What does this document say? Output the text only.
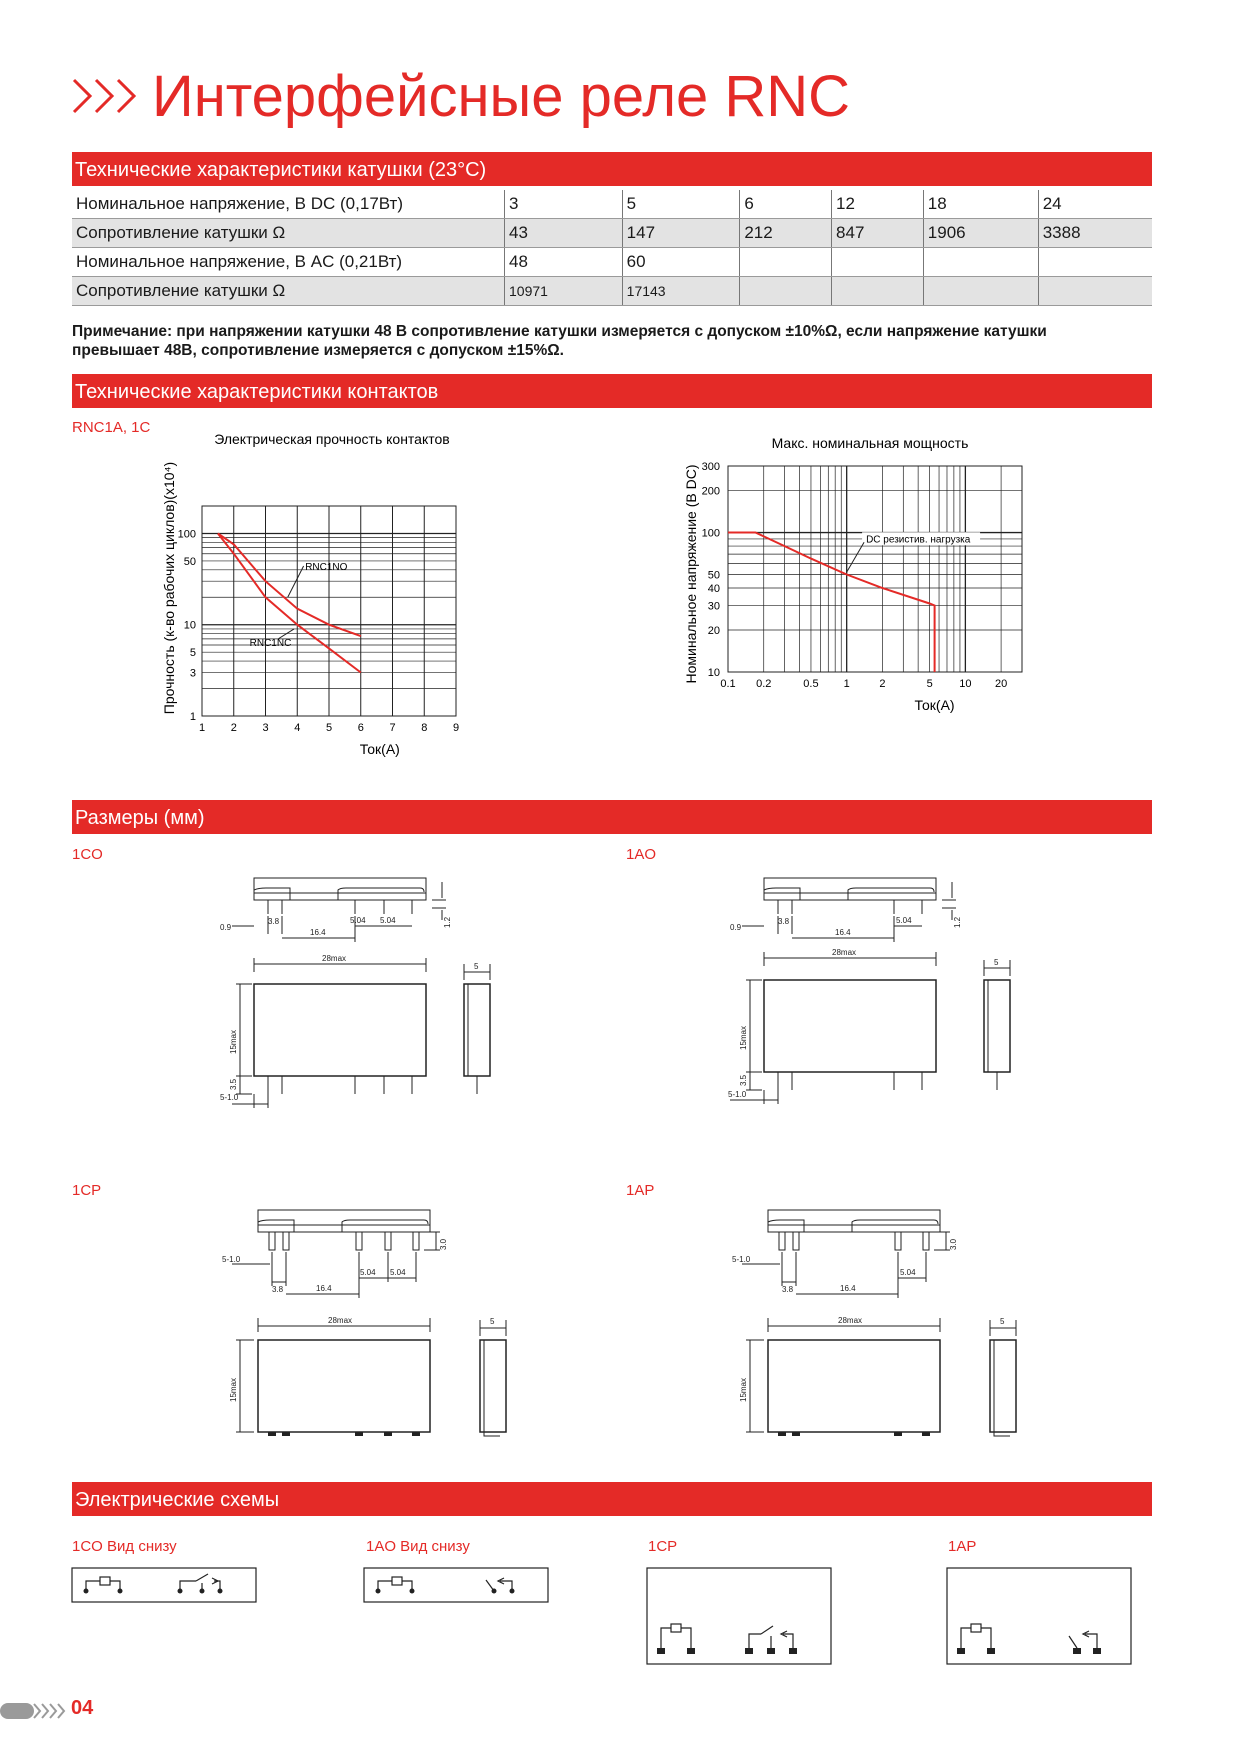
Интерфейсные реле RNC
Технические характеристики катушки (23°C)
Номинальное напряжение, В DC (0,17Вт)	3	5	6	12	18	24
Сопротивление катушки Ω	43	147	212	847	1906	3388
Номинальное напряжение, В AC (0,21Вт)	48	60				
Сопротивление катушки Ω	10971	17143				
Примечание: при напряжении катушки 48 В сопротивление катушки измеряется с допуском ±10%Ω, если напряжение катушки превышает 48В, сопротивление измеряется с допуском ±15%Ω.
Технические характеристики контактов
RNC1A, 1C
Электрическая прочность контактов
1 2 3 4 5 6 7 8 9
1
3
5
10
50
100
Ток(A)
Прочность (к-во рабочих циклов)(x10⁴)	RNC1NO
RNC1NC
Макс. номинальная мощность
0.1 0.2	0.5 1	2	5 10 20
10
20
30
40
50
100
200
300
Ток(A)
Номинальное напряжение (В DC)	DC резистив. нагрузка
Размеры (мм)
1CO	1AO
1CP	1AP
0.9
3.8
16.4
5.04 5.04	1.2
28max
15max
3.5
5-1.0
5
0.9
3.8
16.4
5.04	1.2
28max
15max
3.5
5-1.0
5
5-1.0
3.8	16.4
5.04 5.04
3.0
28max
15max
5
5-1.0
3.8	16.4
5.04
3.0
28max
15max
5
Электрические схемы
1CO Вид снизу	1AO Вид снизу	1CP	1AP
04
